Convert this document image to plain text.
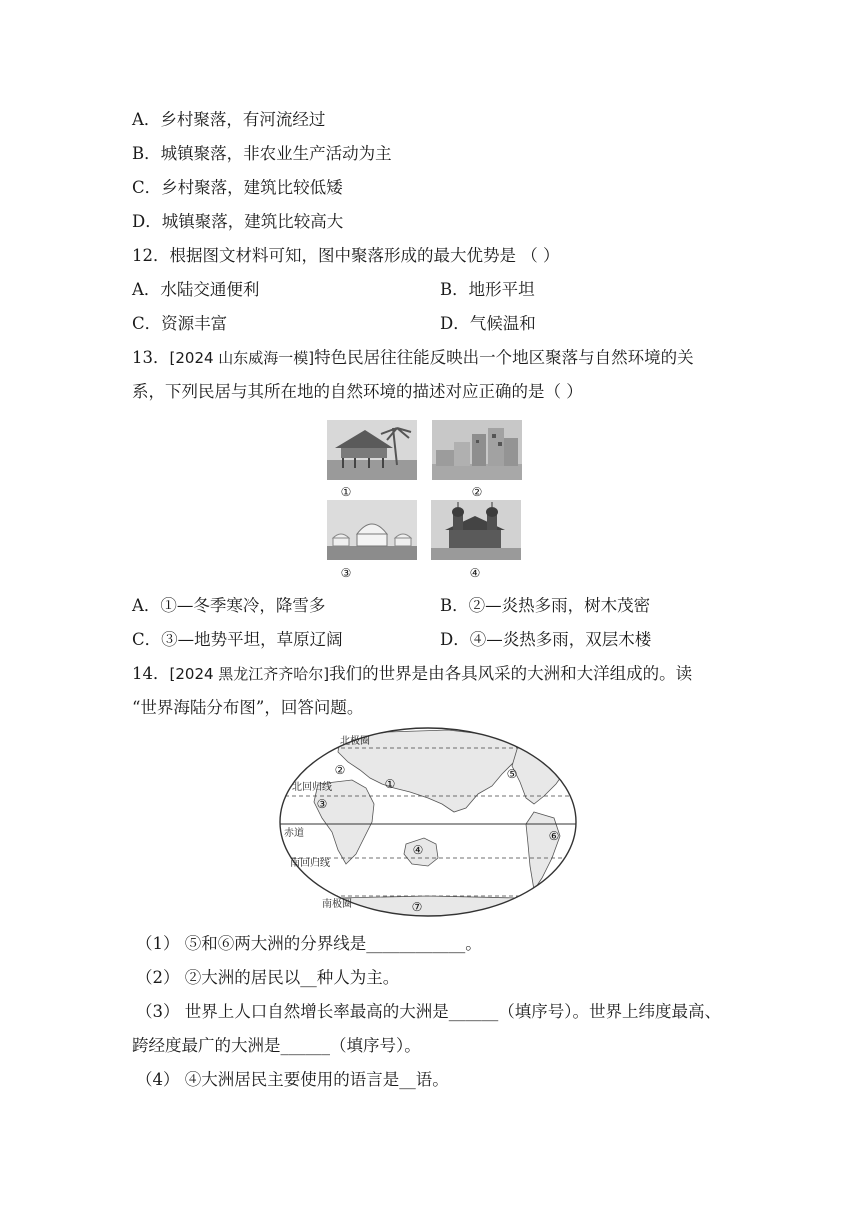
A．乡村聚落，有河流经过
B．城镇聚落，非农业生产活动为主
C．乡村聚落，建筑比较低矮
D．城镇聚落，建筑比较高大
12．根据图文材料可知，图中聚落形成的最大优势是 （ ）
A．水陆交通便利	B．地形平坦
C．资源丰富	D．气候温和
13．[2024 山东威海一模]特色民居往往能反映出一个地区聚落与自然环境的关
系，下列民居与其所在地的自然环境的描述对应正确的是（ ）
①	②
③	④
A．①—冬季寒冷，降雪多	B．②—炎热多雨，树木茂密
C．③—地势平坦，草原辽阔	D．④—炎热多雨，双层木楼
14．[2024 黑龙江齐齐哈尔]我们的世界是由各具风采的大洲和大洋组成的。读
“世界海陆分布图”，回答问题。
北极圈
北回归线
赤道
南回归线
南极圈
①
②
③
④
⑤
⑥
⑦
（1） ⑤和⑥两大洲的分界线是____________。
（2） ②大洲的居民以__种人为主。
（3） 世界上人口自然增长率最高的大洲是______（填序号）。世界上纬度最高、
跨经度最广的大洲是______（填序号）。
（4） ④大洲居民主要使用的语言是__语。
